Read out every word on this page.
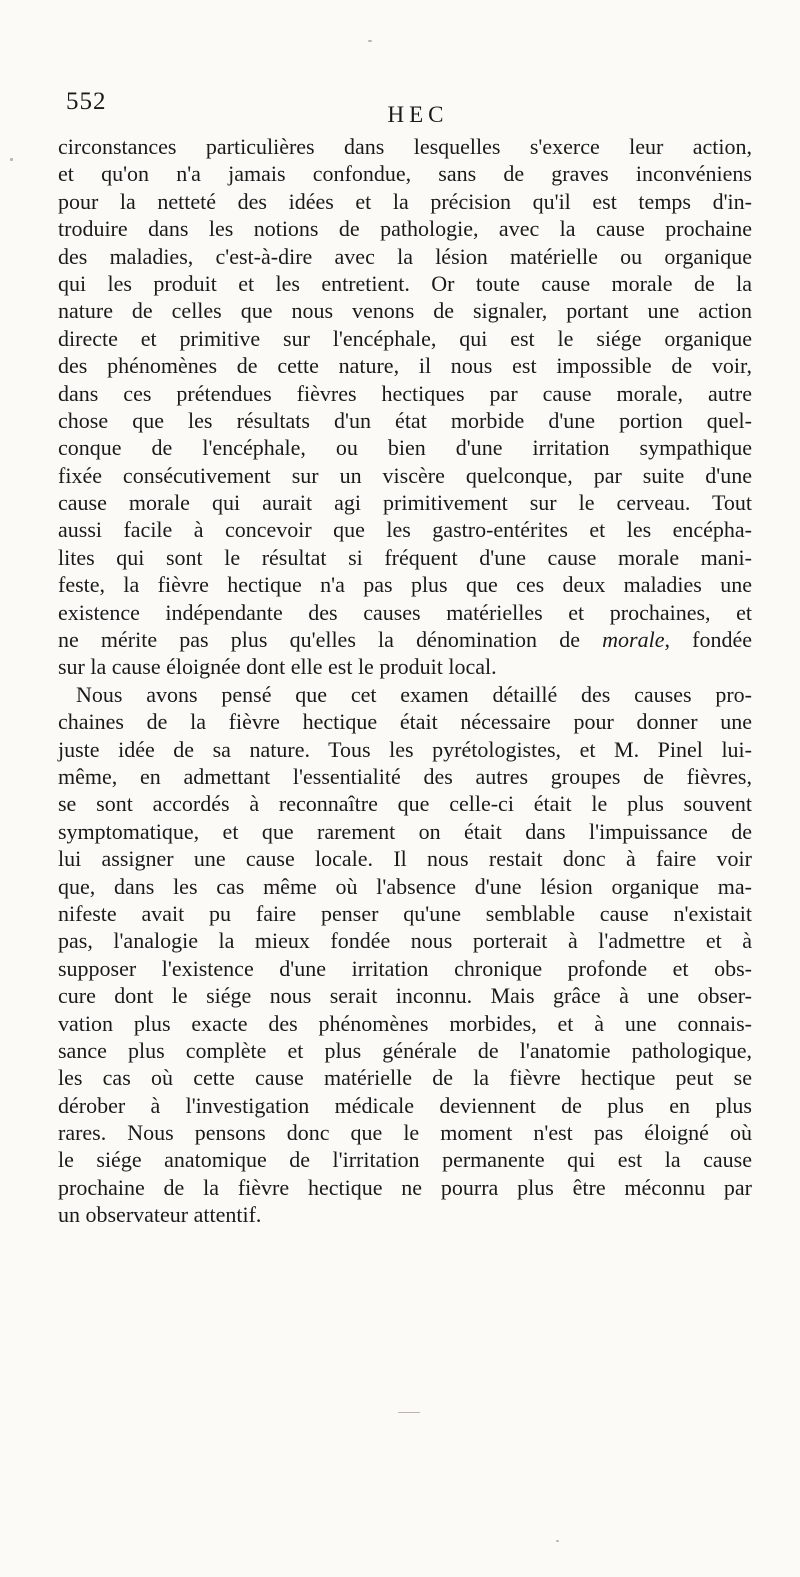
552	HEC
circonstances particulières dans lesquelles s'exerce leur action,
et qu'on n'a jamais confondue, sans de graves inconvéniens
pour la netteté des idées et la précision qu'il est temps d'in-
troduire dans les notions de pathologie, avec la cause prochaine
des maladies, c'est-à-dire avec la lésion matérielle ou organique
qui les produit et les entretient. Or toute cause morale de la
nature de celles que nous venons de signaler, portant une action
directe et primitive sur l'encéphale, qui est le siége organique
des phénomènes de cette nature, il nous est impossible de voir,
dans ces prétendues fièvres hectiques par cause morale, autre
chose que les résultats d'un état morbide d'une portion quel-
conque de l'encéphale, ou bien d'une irritation sympathique
fixée consécutivement sur un viscère quelconque, par suite d'une
cause morale qui aurait agi primitivement sur le cerveau. Tout
aussi facile à concevoir que les gastro-entérites et les encépha-
lites qui sont le résultat si fréquent d'une cause morale mani-
feste, la fièvre hectique n'a pas plus que ces deux maladies une
existence indépendante des causes matérielles et prochaines, et
ne mérite pas plus qu'elles la dénomination de morale, fondée
sur la cause éloignée dont elle est le produit local.
Nous avons pensé que cet examen détaillé des causes pro-
chaines de la fièvre hectique était nécessaire pour donner une
juste idée de sa nature. Tous les pyrétologistes, et M. Pinel lui-
même, en admettant l'essentialité des autres groupes de fièvres,
se sont accordés à reconnaître que celle-ci était le plus souvent
symptomatique, et que rarement on était dans l'impuissance de
lui assigner une cause locale. Il nous restait donc à faire voir
que, dans les cas même où l'absence d'une lésion organique ma-
nifeste avait pu faire penser qu'une semblable cause n'existait
pas, l'analogie la mieux fondée nous porterait à l'admettre et à
supposer l'existence d'une irritation chronique profonde et obs-
cure dont le siége nous serait inconnu. Mais grâce à une obser-
vation plus exacte des phénomènes morbides, et à une connais-
sance plus complète et plus générale de l'anatomie pathologique,
les cas où cette cause matérielle de la fièvre hectique peut se
dérober à l'investigation médicale deviennent de plus en plus
rares. Nous pensons donc que le moment n'est pas éloigné où
le siége anatomique de l'irritation permanente qui est la cause
prochaine de la fièvre hectique ne pourra plus être méconnu par
un observateur attentif.
